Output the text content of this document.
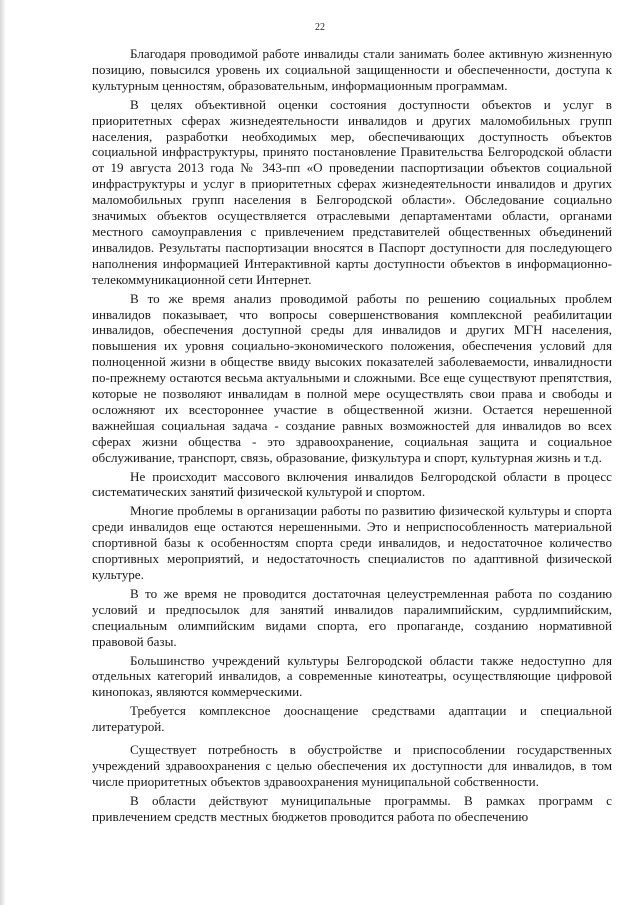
22

Благодаря проводимой работе инвалиды стали занимать более активную жизненную позицию, повысился уровень их социальной защищенности и обеспеченности, доступа к культурным ценностям, образовательным, информационным программам.

В целях объективной оценки состояния доступности объектов и услуг в приоритетных сферах жизнедеятельности инвалидов и других маломобильных групп населения, разработки необходимых мер, обеспечивающих доступность объектов социальной инфраструктуры, принято постановление Правительства Белгородской области от 19 августа 2013 года № 343-пп «О проведении паспортизации объектов социальной инфраструктуры и услуг в приоритетных сферах жизнедеятельности инвалидов и других маломобильных групп населения в Белгородской области». Обследование социально значимых объектов осуществляется отраслевыми департаментами области, органами местного самоуправления с привлечением представителей общественных объединений инвалидов. Результаты паспортизации вносятся в Паспорт доступности для последующего наполнения информацией Интерактивной карты доступности объектов в информационно-телекоммуникационной сети Интернет.

В то же время анализ проводимой работы по решению социальных проблем инвалидов показывает, что вопросы совершенствования комплексной реабилитации инвалидов, обеспечения доступной среды для инвалидов и других МГН населения, повышения их уровня социально-экономического положения, обеспечения условий для полноценной жизни в обществе ввиду высоких показателей заболеваемости, инвалидности по-прежнему остаются весьма актуальными и сложными. Все еще существуют препятствия, которые не позволяют инвалидам в полной мере осуществлять свои права и свободы и осложняют их всестороннее участие в общественной жизни. Остается нерешенной важнейшая социальная задача - создание равных возможностей для инвалидов во всех сферах жизни общества - это здравоохранение, социальная защита и социальное обслуживание, транспорт, связь, образование, физкультура и спорт, культурная жизнь и т.д.

Не происходит массового включения инвалидов Белгородской области в процесс систематических занятий физической культурой и спортом.

Многие проблемы в организации работы по развитию физической культуры и спорта среди инвалидов еще остаются нерешенными. Это и неприспособленность материальной спортивной базы к особенностям спорта среди инвалидов, и недостаточное количество спортивных мероприятий, и недостаточность специалистов по адаптивной физической культуре.

В то же время не проводится достаточная целеустремленная работа по созданию условий и предпосылок для занятий инвалидов паралимпийским, сурдлимпийским, специальным олимпийским видами спорта, его пропаганде, созданию нормативной правовой базы.

Большинство учреждений культуры Белгородской области также недоступно для отдельных категорий инвалидов, а современные кинотеатры, осуществляющие цифровой кинопоказ, являются коммерческими.

Требуется комплексное дооснащение средствами адаптации и специальной литературой.

Существует потребность в обустройстве и приспособлении государственных учреждений здравоохранения с целью обеспечения их доступности для инвалидов, в том числе приоритетных объектов здравоохранения муниципальной собственности.

В области действуют муниципальные программы. В рамках программ с привлечением средств местных бюджетов проводится работа по обеспечению
